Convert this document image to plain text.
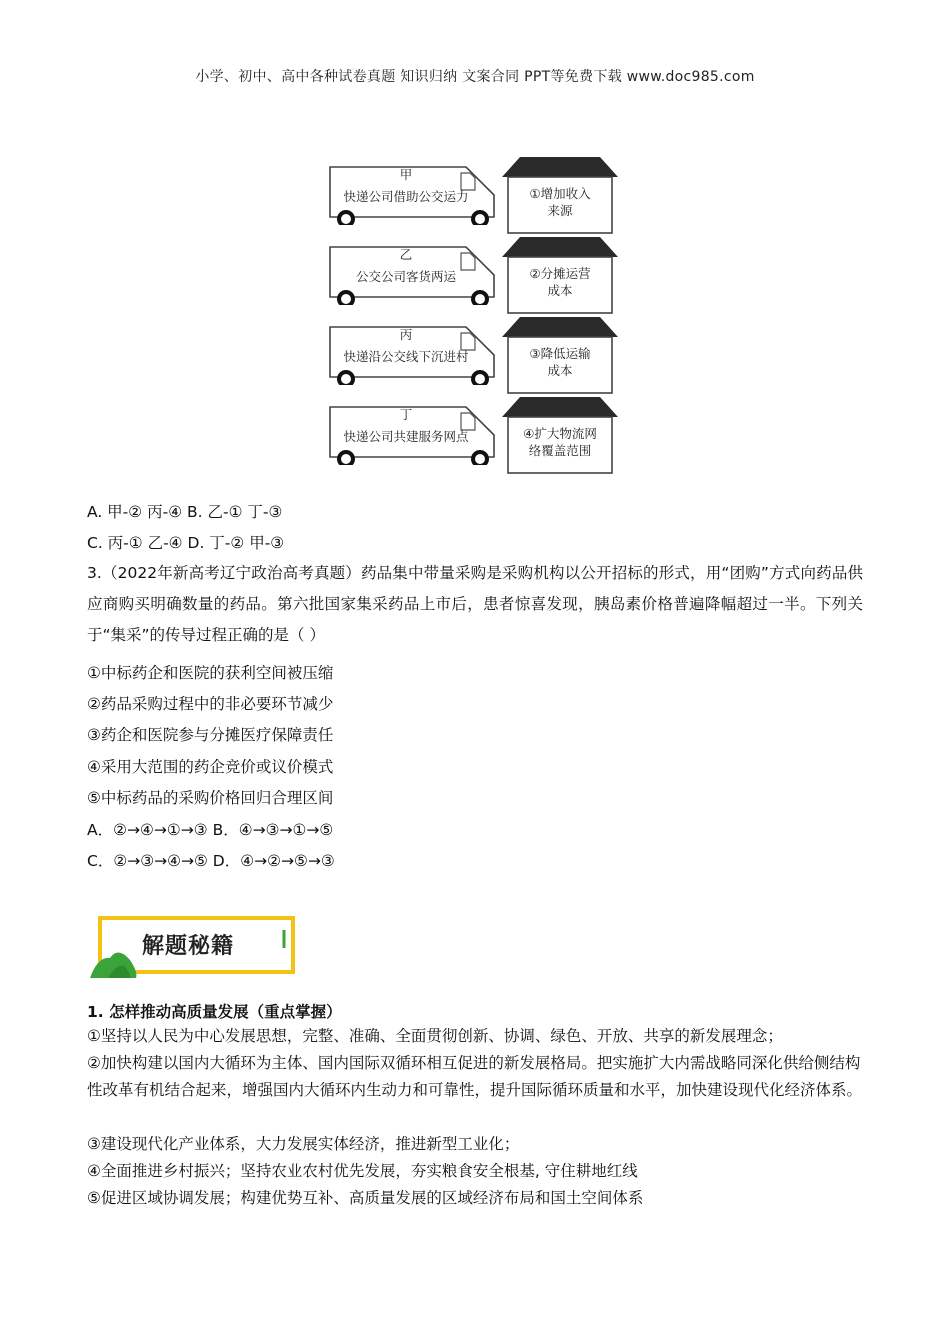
小学、初中、高中各种试卷真题 知识归纳 文案合同 PPT等免费下载 www.doc985.com
甲
快递公司借助公交运力	①增加收入
来源
乙
公交公司客货两运	②分摊运营
成本
丙
快递沿公交线下沉进村	③降低运输
成本
丁
快递公司共建服务网点	④扩大物流网
络覆盖范围
A. 甲-② 丙-④ B. 乙-① 丁-③
C. 丙-① 乙-④ D. 丁-② 甲-③
3.（2022年新高考辽宁政治高考真题）药品集中带量采购是采购机构以公开招标的形式，用“团购”方式向药品供应商购买明确数量的药品。第六批国家集采药品上市后，患者惊喜发现，胰岛素价格普遍降幅超过一半。下列关于“集采”的传导过程正确的是（ ）
①中标药企和医院的获利空间被压缩
②药品采购过程中的非必要环节减少
③药企和医院参与分摊医疗保障责任
④采用大范围的药企竞价或议价模式
⑤中标药品的采购价格回归合理区间
A．②→④→①→③ B．④→③→①→⑤
C．②→③→④→⑤ D．④→②→⑤→③
解题秘籍
1. 怎样推动高质量发展（重点掌握）
①坚持以人民为中心发展思想，完整、准确、全面贯彻创新、协调、绿色、开放、共享的新发展理念；
②加快构建以国内大循环为主体、国内国际双循环相互促进的新发展格局。把实施扩大内需战略同深化供给侧结构性改革有机结合起来，增强国内大循环内生动力和可靠性，提升国际循环质量和水平，加快建设现代化经济体系。
③建设现代化产业体系，大力发展实体经济，推进新型工业化；
④全面推进乡村振兴；坚持农业农村优先发展，夯实粮食安全根基, 守住耕地红线
⑤促进区域协调发展；构建优势互补、高质量发展的区域经济布局和国土空间体系
